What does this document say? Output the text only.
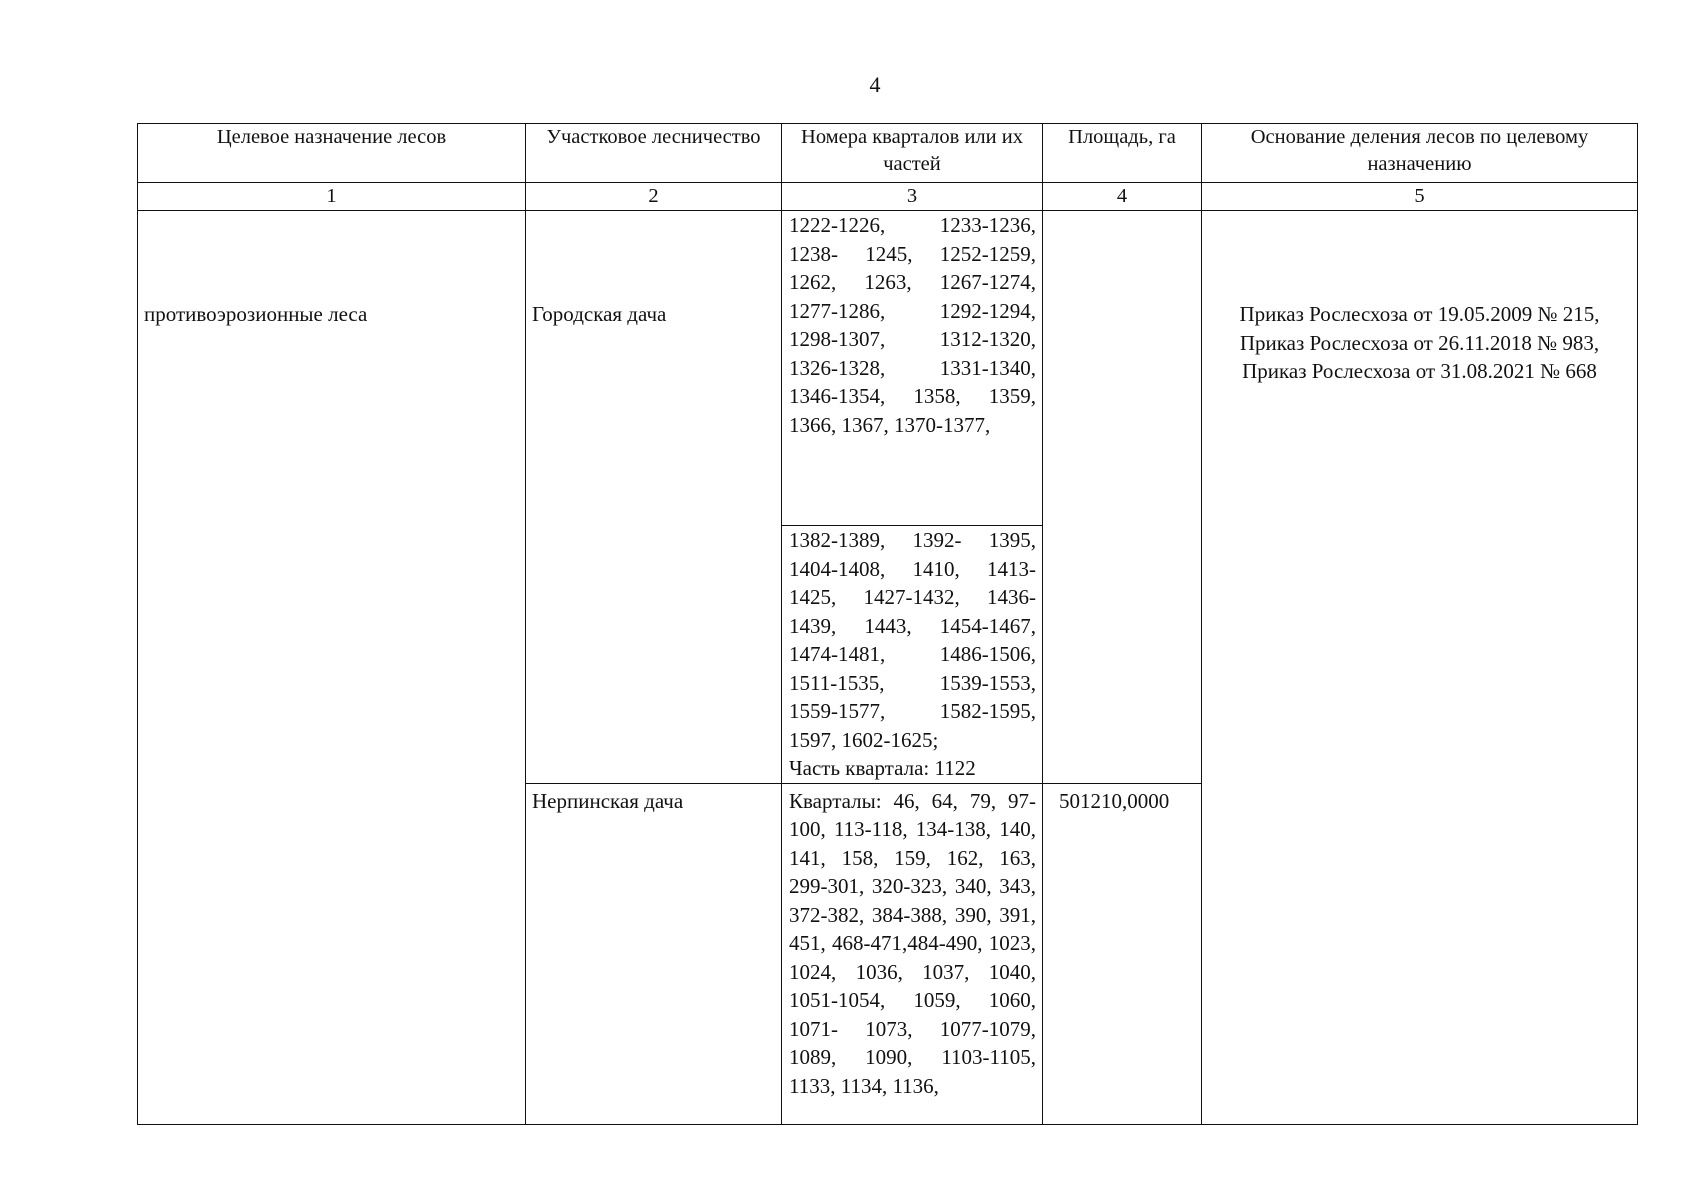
4
Целевое назначение лесов	Участковое лесничество	Номера кварталов или их частей	Площадь, га	Основание деления лесов по целевому назначению
1	2	3	4	5

противоэрозионные леса	Городская дача	1222-1226, 1233-1236, 1238- 1245, 1252-1259, 1262, 1263, 1267-1274, 1277-1286, 1292-1294, 1298-1307, 1312-1320, 1326-1328, 1331-1340, 1346-1354, 1358, 1359, 1366, 1367, 1370-1377,		Приказ Рослесхоза от 19.05.2009 № 215,
Приказ Рослесхоза от 26.11.2018 № 983,
Приказ Рослесхоза от 31.08.2021 № 668

		1382-1389, 1392- 1395, 1404-1408, 1410, 1413-1425, 1427-1432, 1436-1439, 1443, 1454-1467, 1474-1481, 1486-1506, 1511-1535, 1539-1553, 1559-1577, 1582-1595, 1597, 1602-1625;
Часть квартала: 1122		

	Нерпинская дача	Кварталы: 46, 64, 79, 97-100, 113-118, 134-138, 140, 141, 158, 159, 162, 163, 299-301, 320-323, 340, 343, 372-382, 384-388, 390, 391, 451, 468-471,484-490, 1023, 1024, 1036, 1037, 1040, 1051-1054, 1059, 1060, 1071- 1073, 1077-1079, 1089, 1090, 1103-1105, 1133, 1134, 1136,	501210,0000	
